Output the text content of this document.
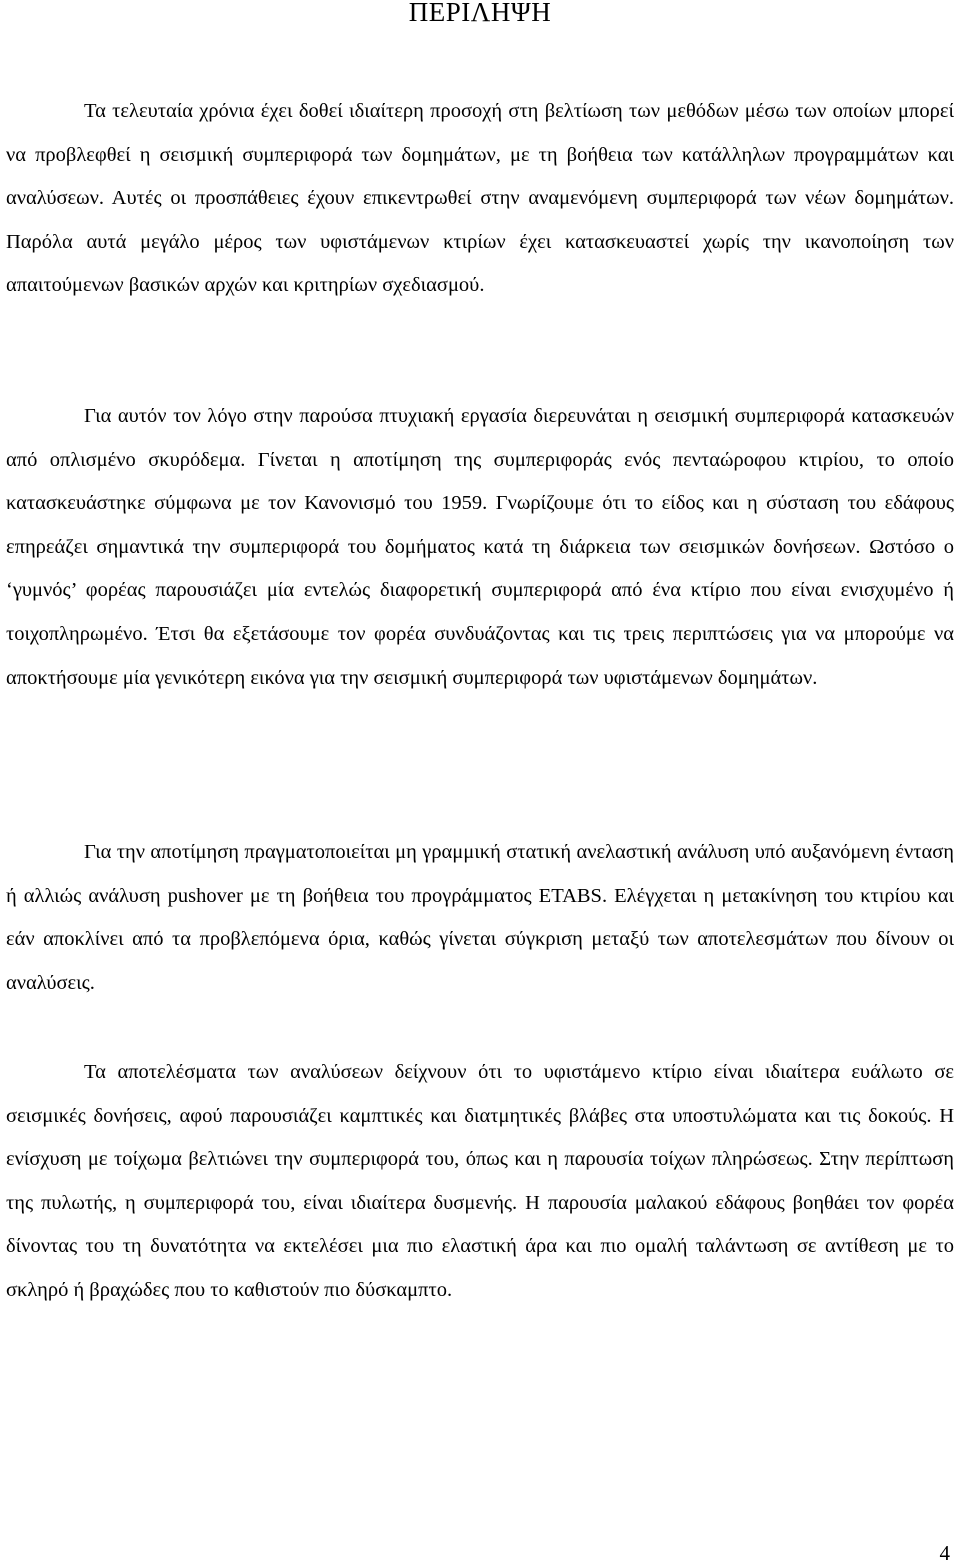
ΠΕΡΙΛΗΨΗ

Τα τελευταία χρόνια έχει δοθεί ιδιαίτερη προσοχή στη βελτίωση των μεθόδων μέσω των οποίων μπορεί να προβλεφθεί η σεισμική συμπεριφορά των δομημάτων, με τη βοήθεια των κατάλληλων προγραμμάτων και αναλύσεων. Αυτές οι προσπάθειες έχουν επικεντρωθεί στην αναμενόμενη συμπεριφορά των νέων δομημάτων. Παρόλα αυτά μεγάλο μέρος των υφιστάμενων κτιρίων έχει κατασκευαστεί χωρίς την ικανοποίηση των απαιτούμενων βασικών αρχών και κριτηρίων σχεδιασμού.

Για αυτόν τον λόγο στην παρούσα πτυχιακή εργασία διερευνάται η σεισμική συμπεριφορά κατασκευών από οπλισμένο σκυρόδεμα. Γίνεται η αποτίμηση της συμπεριφοράς ενός πενταώροφου κτιρίου, το οποίο κατασκευάστηκε σύμφωνα με τον Κανονισμό του 1959. Γνωρίζουμε ότι το είδος και η σύσταση του εδάφους επηρεάζει σημαντικά την συμπεριφορά του δομήματος κατά τη διάρκεια των σεισμικών δονήσεων. Ωστόσο ο ‘γυμνός’ φορέας παρουσιάζει μία εντελώς διαφορετική συμπεριφορά από ένα κτίριο που είναι ενισχυμένο ή τοιχοπληρωμένο. Έτσι θα εξετάσουμε τον φορέα συνδυάζοντας και τις τρεις περιπτώσεις για να μπορούμε να αποκτήσουμε μία γενικότερη εικόνα για την σεισμική συμπεριφορά των υφιστάμενων δομημάτων.

Για την αποτίμηση πραγματοποιείται μη γραμμική στατική ανελαστική ανάλυση υπό αυξανόμενη ένταση ή αλλιώς ανάλυση pushover με τη βοήθεια του προγράμματος ETABS. Ελέγχεται η μετακίνηση του κτιρίου και εάν αποκλίνει από τα προβλεπόμενα όρια, καθώς γίνεται σύγκριση μεταξύ των αποτελεσμάτων που δίνουν οι αναλύσεις.

Τα αποτελέσματα των αναλύσεων δείχνουν ότι το υφιστάμενο κτίριο είναι ιδιαίτερα ευάλωτο σε σεισμικές δονήσεις, αφού παρουσιάζει καμπτικές και διατμητικές βλάβες στα υποστυλώματα και τις δοκούς. Η ενίσχυση με τοίχωμα βελτιώνει την συμπεριφορά του, όπως και η παρουσία τοίχων πληρώσεως. Στην περίπτωση της πυλωτής, η συμπεριφορά του, είναι ιδιαίτερα δυσμενής. Η παρουσία μαλακού εδάφους βοηθάει τον φορέα δίνοντας του τη δυνατότητα να εκτελέσει μια πιο ελαστική άρα και πιο ομαλή ταλάντωση σε αντίθεση με το σκληρό ή βραχώδες που το καθιστούν πιο δύσκαμπτο.

4
